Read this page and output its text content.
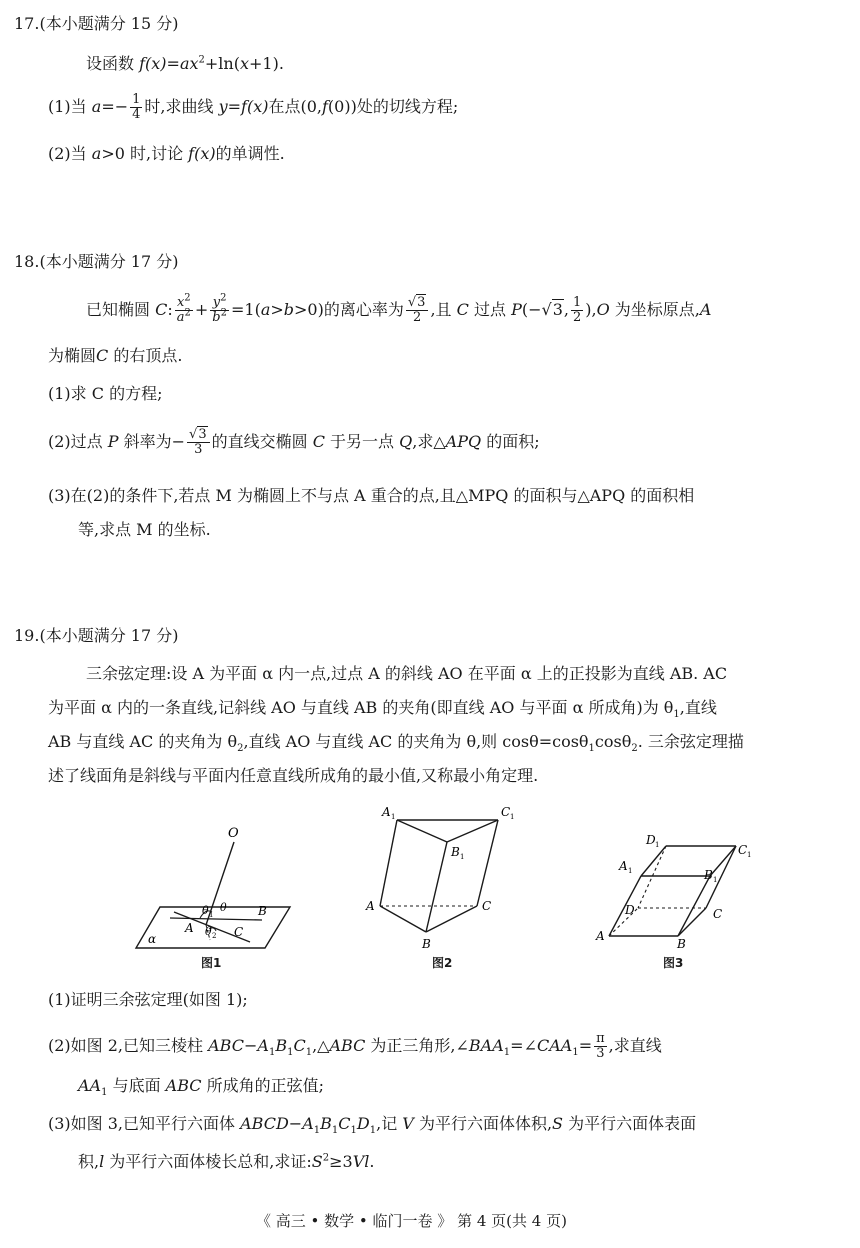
17.(本小题满分 15 分)
设函数 $f(x)=ax^2+\ln(x+1)$.
(1)当 $a=- \frac{1}{4}$ 时,求曲线 y=f(x)在点(0,f(0))处的切线方程;
(2)当 a>0 时,讨论 f(x)的单调性.
18.(本小题满分 17 分)
已知椭圆 C: $\frac{x^2}{a^2} + \frac{y^2}{b^2} =1(a>b>0)$的离心率为 $\frac{√3}{2}$ ,且 C 过点 P(−√3, $\frac{1}{2} ),O$ 为坐标原点,A
为椭圆C 的右顶点.
(1)求 C 的方程;
(2)过点 P 斜率为− $\frac{√3}{3}$ 的直线交椭圆 C 于另一点 Q,求△APQ 的面积;
(3)在(2)的条件下,若点 M 为椭圆上不与点 A 重合的点,且△MPQ 的面积与△APQ 的面积相
等,求点 M 的坐标.
19.(本小题满分 17 分)
三余弦定理:设 A 为平面 α 内一点,过点 A 的斜线 AO 在平面 α 上的正投影为直线 AB. AC
为平面 α 内的一条直线,记斜线 AO 与直线 AB 的夹角(即直线 AO 与平面 α 所成角)为 $\theta_1$,直线
AB 与直线 AC 的夹角为 $\theta_2$,直线 AO 与直线 AC 的夹角为 θ,则 cosθ=cosθ$_1$cosθ$_2$. 三余弦定理描
述了线面角是斜线与平面内任意直线所成角的最小值,又称最小角定理.
O
B
A	C
α
θ 1
θ
θ 2
图1
A 1	C 1
B 1
A	C
B
图2
D 1	C 1
A 1	B 1
D	C
A
B
图3
(1)证明三余弦定理(如图 1);
(2)如图 2,已知三棱柱 $ABC-A_1B_1C_1,\triangle ABC$ 为正三角形$,\angle BAA_1=\angle CAA_1= \frac{\pi}{3}$ ,求直线
$AA_1$ 与底面 ABC 所成角的正弦值;
(3)如图 3,已知平行六面体 $ABCD-A_1B_1C_1D_1$,记 V 为平行六面体体积,S 为平行六面体表面
积,l 为平行六面体棱长总和,求证$:S^2\ge 3Vl$.
《 高三 • 数学 • 临门一卷 》 第 4 页(共 4 页)
